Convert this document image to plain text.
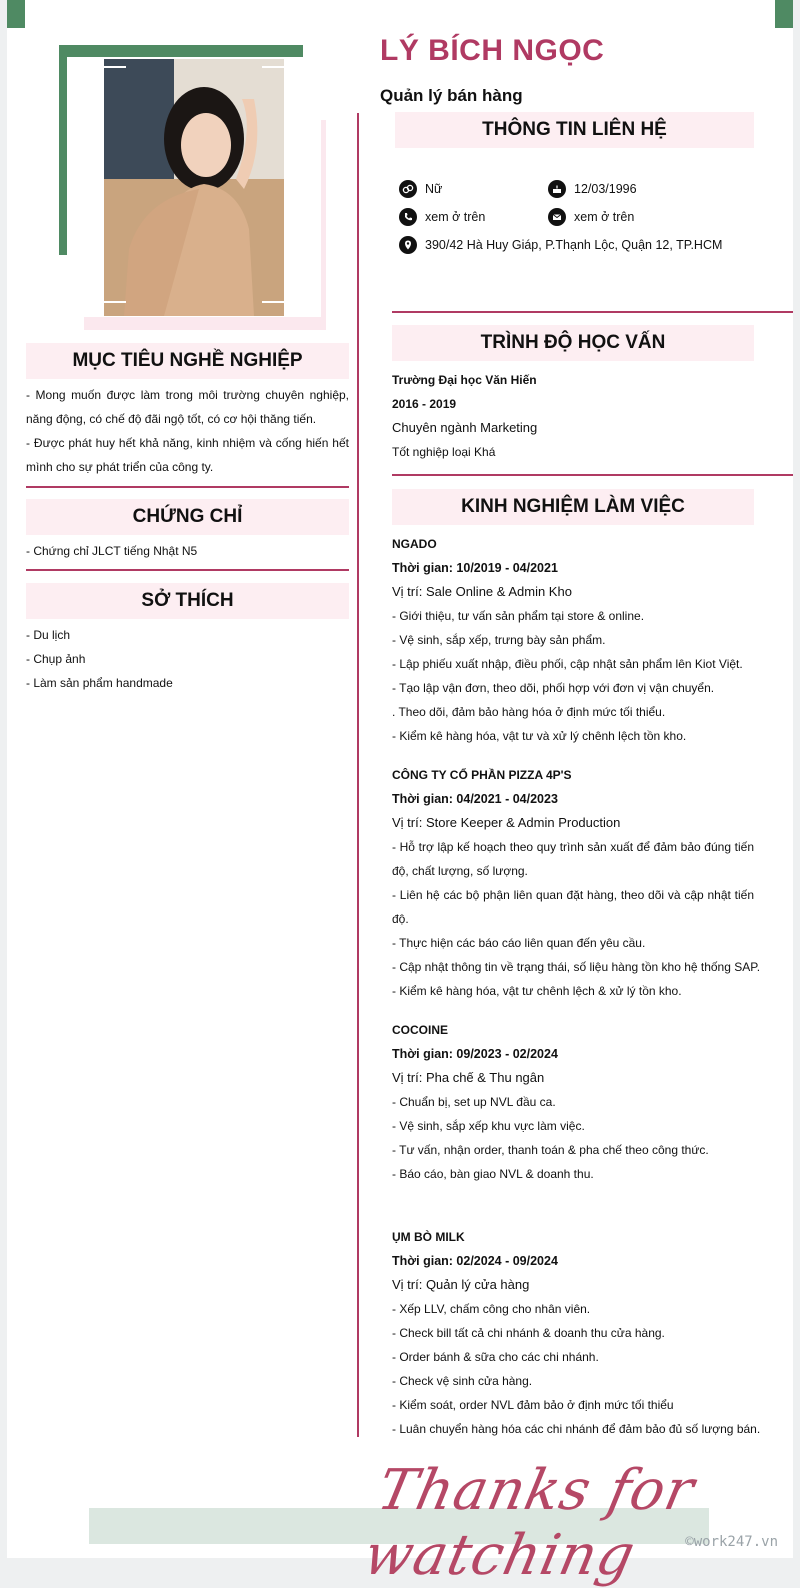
LÝ BÍCH NGỌC
Quản lý bán hàng
THÔNG TIN LIÊN HỆ
Nữ	12/03/1996
xem ở trên	xem ở trên
390/42 Hà Huy Giáp, P.Thạnh Lộc, Quận 12, TP.HCM
TRÌNH ĐỘ HỌC VẤN
Trường Đại học Văn Hiến
2016 - 2019
Chuyên ngành Marketing
Tốt nghiệp loại Khá
KINH NGHIỆM LÀM VIỆC
NGADO
Thời gian: 10/2019 - 04/2021
Vị trí: Sale Online & Admin Kho
- Giới thiệu, tư vấn sản phẩm tại store & online.
- Vệ sinh, sắp xếp, trưng bày sản phẩm.
- Lập phiếu xuất nhập, điều phối, cập nhật sản phẩm lên Kiot Việt.
- Tạo lập vận đơn, theo dõi, phối hợp với đơn vị vận chuyển.
. Theo dõi, đảm bảo hàng hóa ở định mức tối thiểu.
- Kiểm kê hàng hóa, vật tư và xử lý chênh lệch tồn kho.
CÔNG TY CỔ PHẦN PIZZA 4P'S
Thời gian: 04/2021 - 04/2023
Vị trí: Store Keeper & Admin Production
- Hỗ trợ lập kế hoạch theo quy trình sản xuất để đảm bảo đúng tiến độ, chất lượng, số lượng.
- Liên hệ các bộ phận liên quan đặt hàng, theo dõi và cập nhật tiến độ.
- Thực hiện các báo cáo liên quan đến yêu cầu.
- Cập nhật thông tin về trạng thái, số liệu hàng tồn kho hệ thống SAP.
- Kiểm kê hàng hóa, vật tư chênh lệch & xử lý tồn kho.
COCOINE
Thời gian: 09/2023 - 02/2024
Vị trí: Pha chế & Thu ngân
- Chuẩn bị, set up NVL đầu ca.
- Vệ sinh, sắp xếp khu vực làm việc.
- Tư vấn, nhận order, thanh toán & pha chế theo công thức.
- Báo cáo, bàn giao NVL & doanh thu.
ỤM BÒ MILK
Thời gian: 02/2024 - 09/2024
Vị trí: Quản lý cửa hàng
- Xếp LLV, chấm công cho nhân viên.
- Check bill tất cả chi nhánh & doanh thu cửa hàng.
- Order bánh & sữa cho các chi nhánh.
- Check vệ sinh cửa hàng.
- Kiểm soát, order NVL đảm bảo ở định mức tối thiểu
- Luân chuyển hàng hóa các chi nhánh để đảm bảo đủ số lượng bán.
MỤC TIÊU NGHỀ NGHIỆP
- Mong muốn được làm trong môi trường chuyên nghiệp, năng động, có chế độ đãi ngộ tốt, có cơ hội thăng tiến.
- Được phát huy hết khả năng, kinh nhiệm và cống hiến hết mình cho sự phát triển của công ty.
CHỨNG CHỈ
- Chứng chỉ JLCT tiếng Nhật N5
SỞ THÍCH
- Du lịch
- Chụp ảnh
- Làm sản phẩm handmade
Thanks for watching	©work247.vn
